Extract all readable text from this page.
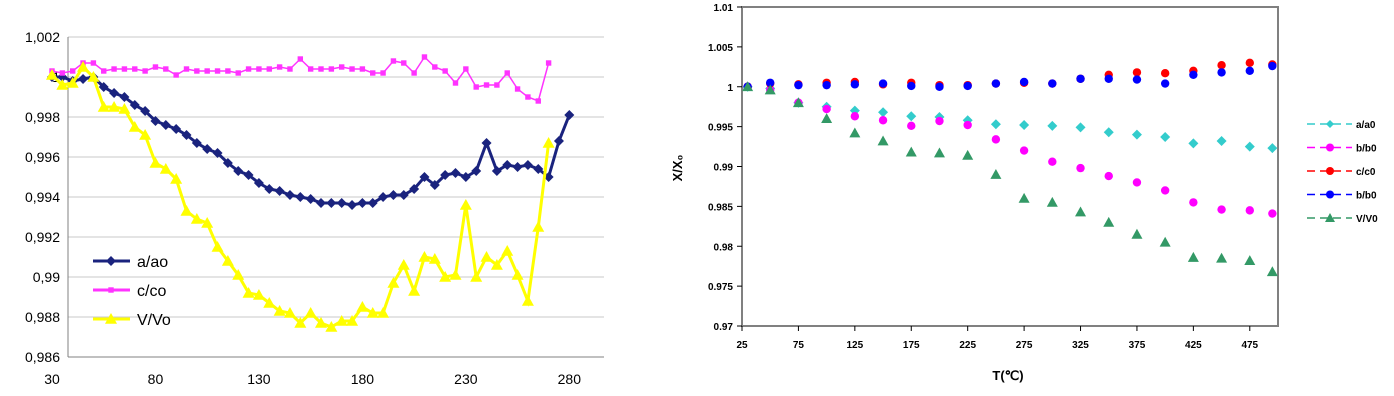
0,986
0,988
0,99
0,992
0,994
0,996
0,998
1,002
30	80	130	180	230	280
a/ao
c/co
V/Vo	0.97
0.975
0.98
0.985
0.99
0.995
1
1.005
1.01
25	75	125	175	225	275	325	375	425	475
T(℃)
X/X₀
a/a0
b/b0
c/c0
b/b0
V/V0
